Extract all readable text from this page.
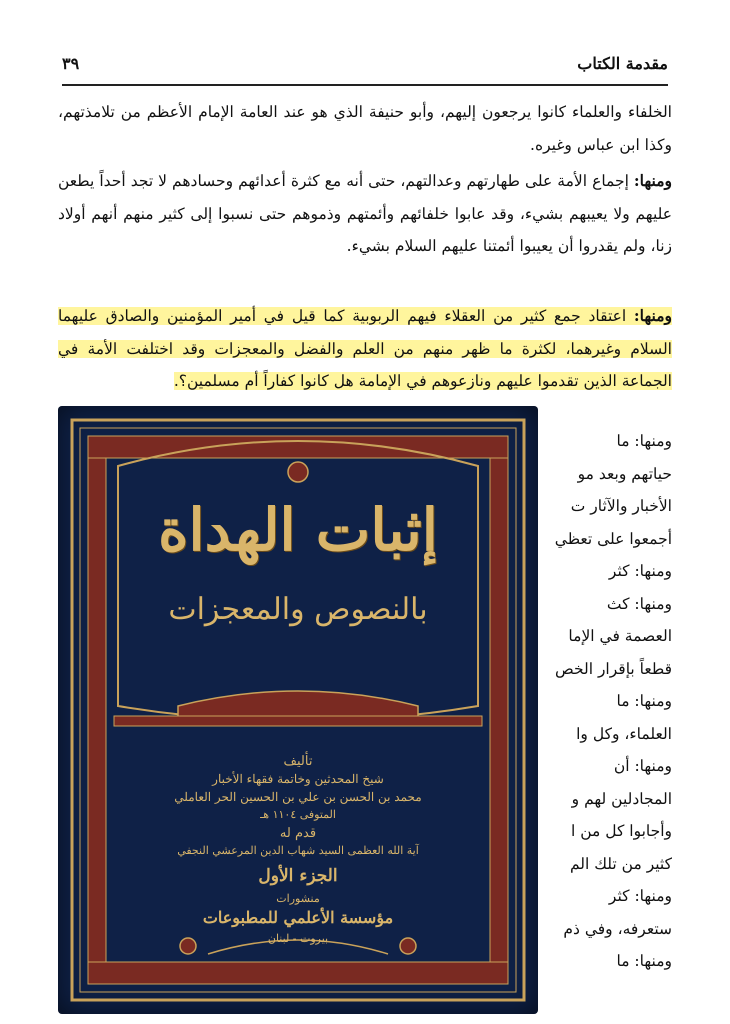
مقدمة الكتاب
٣٩
الخلفاء والعلماء كانوا يرجعون إليهم، وأبو حنيفة الذي هو عند العامة الإمام الأعظم من تلامذتهم، وكذا ابن عباس وغيره.
ومنها: إجماع الأمة على طهارتهم وعدالتهم، حتى أنه مع كثرة أعدائهم وحسادهم لا تجد أحداً يطعن عليهم ولا يعيبهم بشيء، وقد عابوا خلفائهم وأئمتهم وذموهم حتى نسبوا إلى كثير منهم أنهم أولاد زنا، ولم يقدروا أن يعيبوا أئمتنا عليهم السلام بشيء.
ومنها: اعتقاد جمع كثير من العقلاء فيهم الربوبية كما قيل في أمير المؤمنين والصادق عليهما السلام وغيرهما، لكثرة ما ظهر منهم من العلم والفضل والمعجزات وقد اختلفت الأمة في الجماعة الذين تقدموا عليهم ونازعوهم في الإمامة هل كانوا كفاراً أم مسلمين؟.
ومنها: ما
حياتهم وبعد مو
الأخبار والآثار ت
أجمعوا على تعظي
ومنها: كثر
ومنها: كث
العصمة في الإما
قطعاً بإقرار الخص
ومنها: ما
العلماء، وكل وا
ومنها: أن
المجادلين لهم و
وأجابوا كل من ا
كثير من تلك الم
ومنها: كثر
ستعرفه، وفي ذم
ومنها: ما
إثبات الهداة
بالنصوص والمعجزات
تأليف
شيخ المحدثين وخاتمة فقهاء الأخبار
محمد بن الحسن بن علي بن الحسين الحر العاملي
المتوفى ١١٠٤ هـ
قدم له
آية الله العظمى السيد شهاب الدين المرعشي النجفي
الجزء الأول
منشورات
مؤسسة الأعلمي للمطبوعات
بيروت - لبنان
